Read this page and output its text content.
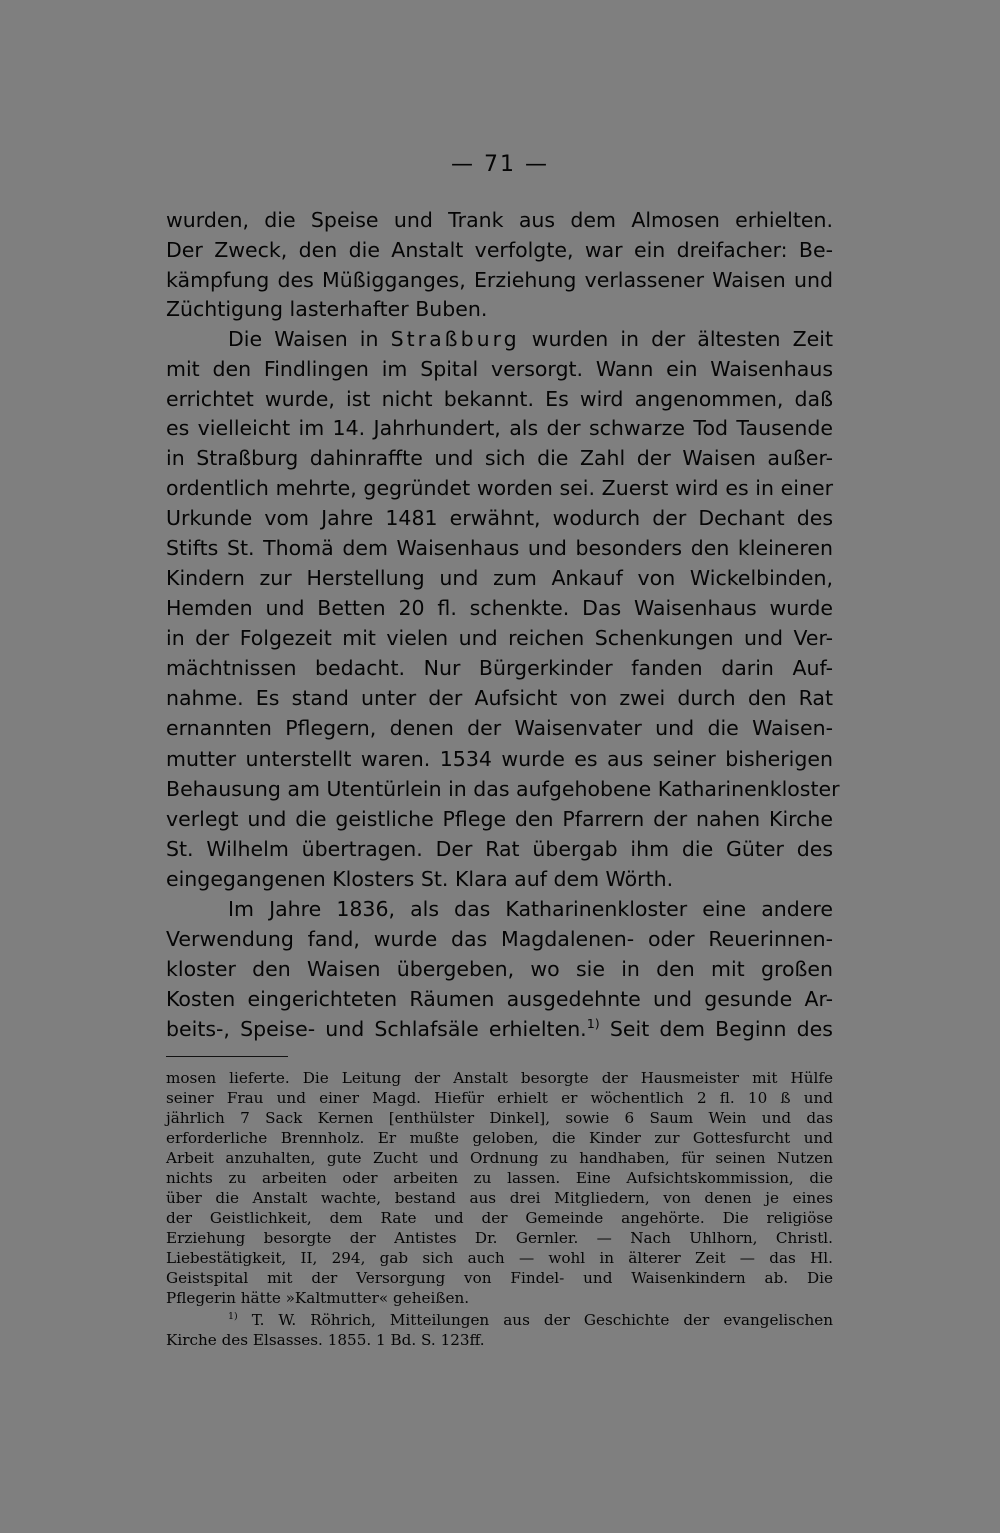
— 71 —
wurden, die Speise und Trank aus dem Almosen erhielten.
Der Zweck, den die Anstalt verfolgte, war ein dreifacher: Be-
kämpfung des Müßigganges, Erziehung verlassener Waisen und
Züchtigung lasterhafter Buben.
Die Waisen in Straßburg wurden in der ältesten Zeit
mit den Findlingen im Spital versorgt. Wann ein Waisenhaus
errichtet wurde, ist nicht bekannt. Es wird angenommen, daß
es vielleicht im 14. Jahrhundert, als der schwarze Tod Tausende
in Straßburg dahinraffte und sich die Zahl der Waisen außer-
ordentlich mehrte, gegründet worden sei. Zuerst wird es in einer
Urkunde vom Jahre 1481 erwähnt, wodurch der Dechant des
Stifts St. Thomä dem Waisenhaus und besonders den kleineren
Kindern zur Herstellung und zum Ankauf von Wickelbinden,
Hemden und Betten 20 fl. schenkte. Das Waisenhaus wurde
in der Folgezeit mit vielen und reichen Schenkungen und Ver-
mächtnissen bedacht. Nur Bürgerkinder fanden darin Auf-
nahme. Es stand unter der Aufsicht von zwei durch den Rat
ernannten Pflegern, denen der Waisenvater und die Waisen-
mutter unterstellt waren. 1534 wurde es aus seiner bisherigen
Behausung am Utentürlein in das aufgehobene Katharinenkloster
verlegt und die geistliche Pflege den Pfarrern der nahen Kirche
St. Wilhelm übertragen. Der Rat übergab ihm die Güter des
eingegangenen Klosters St. Klara auf dem Wörth.
Im Jahre 1836, als das Katharinenkloster eine andere
Verwendung fand, wurde das Magdalenen- oder Reuerinnen-
kloster den Waisen übergeben, wo sie in den mit großen
Kosten eingerichteten Räumen ausgedehnte und gesunde Ar-
beits-, Speise- und Schlafsäle erhielten.$^{1)}$ Seit dem Beginn des
mosen lieferte. Die Leitung der Anstalt besorgte der Hausmeister mit Hülfe
seiner Frau und einer Magd. Hiefür erhielt er wöchentlich 2 fl. 10 ß und
jährlich 7 Sack Kernen [enthülster Dinkel], sowie 6 Saum Wein und das
erforderliche Brennholz. Er mußte geloben, die Kinder zur Gottesfurcht und
Arbeit anzuhalten, gute Zucht und Ordnung zu handhaben, für seinen Nutzen
nichts zu arbeiten oder arbeiten zu lassen. Eine Aufsichtskommission, die
über die Anstalt wachte, bestand aus drei Mitgliedern, von denen je eines
der Geistlichkeit, dem Rate und der Gemeinde angehörte. Die religiöse
Erziehung besorgte der Antistes Dr. Gernler. — Nach Uhlhorn, Christl.
Liebestätigkeit, II, 294, gab sich auch — wohl in älterer Zeit — das Hl.
Geistspital mit der Versorgung von Findel- und Waisenkindern ab. Die
Pflegerin hätte »Kaltmutter« geheißen.
$^{1)}$ T. W. Röhrich, Mitteilungen aus der Geschichte der evangelischen
Kirche des Elsasses. 1855. 1 Bd. S. 123ff.
